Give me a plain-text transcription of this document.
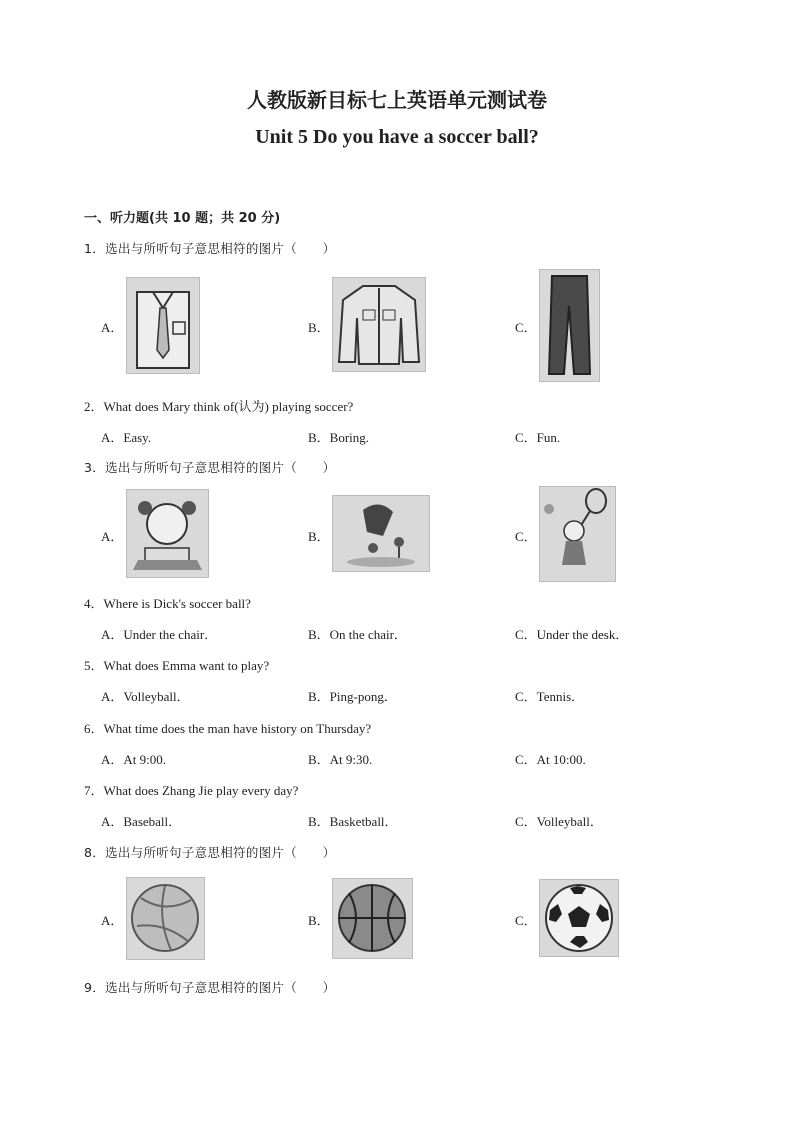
人教版新目标七上英语单元测试卷
Unit 5 Do you have a soccer ball?
一、听力题(共 10 题；共 20 分)
1．选出与所听句子意思相符的图片（　　）
A．	B．	C．
2．What does Mary think of(认为) playing soccer?
A．Easy.	B．Boring.	C．Fun.
3．选出与所听句子意思相符的图片（　　）
A．	B．	C．
4．Where is Dick's soccer ball?
A．Under the chair．	B．On the chair．	C．Under the desk．
5．What does Emma want to play?
A．Volleyball．	B．Ping-pong．	C．Tennis．
6．What time does the man have history on Thursday?
A．At 9:00.	B．At 9:30.	C．At 10:00.
7．What does Zhang Jie play every day?
A．Baseball．	B．Basketball．	C．Volleyball．
8．选出与所听句子意思相符的图片（　　）
A．	B．	C．
9．选出与所听句子意思相符的图片（　　）
